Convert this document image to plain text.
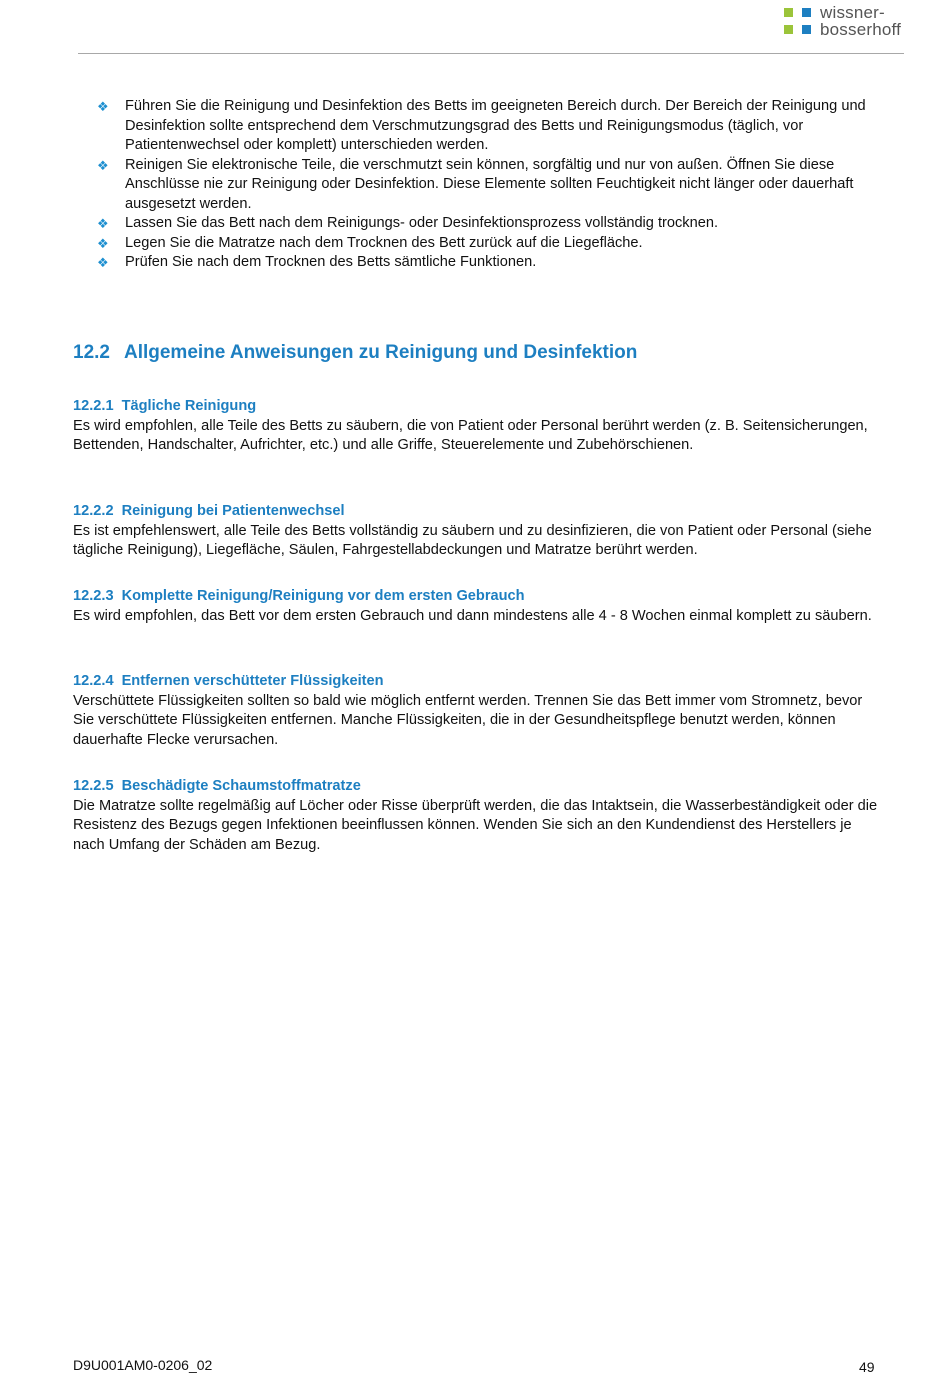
wissner-
bosserhoff
❖	Führen Sie die Reinigung und Desinfektion des Betts im geeigneten Bereich durch. Der Bereich der Reinigung und Desinfektion sollte entsprechend dem Verschmutzungsgrad des Betts und Reinigungsmodus (täglich, vor Patientenwechsel oder komplett) unterschieden werden.
❖	Reinigen Sie elektronische Teile, die verschmutzt sein können, sorgfältig und nur von außen. Öffnen Sie diese Anschlüsse nie zur Reinigung oder Desinfektion. Diese Elemente sollten Feuchtigkeit nicht länger oder dauerhaft ausgesetzt werden.
❖	Lassen Sie das Bett nach dem Reinigungs- oder Desinfektionsprozess vollständig trocknen.
❖	Legen Sie die Matratze nach dem Trocknen des Bett zurück auf die Liegefläche.
❖	Prüfen Sie nach dem Trocknen des Betts sämtliche Funktionen.
12.2 Allgemeine Anweisungen zu Reinigung und Desinfektion
12.2.1 Tägliche Reinigung
Es wird empfohlen, alle Teile des Betts zu säubern, die von Patient oder Personal berührt werden (z. B. Seitensicherungen, Bettenden, Handschalter, Aufrichter, etc.) und alle Griffe, Steuerelemente und Zubehörschienen.
12.2.2 Reinigung bei Patientenwechsel
Es ist empfehlenswert, alle Teile des Betts vollständig zu säubern und zu desinfizieren, die von Patient oder Personal (siehe tägliche Reinigung), Liegefläche, Säulen, Fahrgestellabdeckungen und Matratze berührt werden.
12.2.3 Komplette Reinigung/Reinigung vor dem ersten Gebrauch
Es wird empfohlen, das Bett vor dem ersten Gebrauch und dann mindestens alle 4 - 8 Wochen einmal komplett zu säubern.
12.2.4 Entfernen verschütteter Flüssigkeiten
Verschüttete Flüssigkeiten sollten so bald wie möglich entfernt werden. Trennen Sie das Bett immer vom Stromnetz, bevor Sie verschüttete Flüssigkeiten entfernen. Manche Flüssigkeiten, die in der Gesundheitspflege benutzt werden, können dauerhafte Flecke verursachen.
12.2.5 Beschädigte Schaumstoffmatratze
Die Matratze sollte regelmäßig auf Löcher oder Risse überprüft werden, die das Intaktsein, die Wasserbeständigkeit oder die Resistenz des Bezugs gegen Infektionen beeinflussen können. Wenden Sie sich an den Kundendienst des Herstellers je nach Umfang der Schäden am Bezug.
D9U001AM0-0206_02	49
